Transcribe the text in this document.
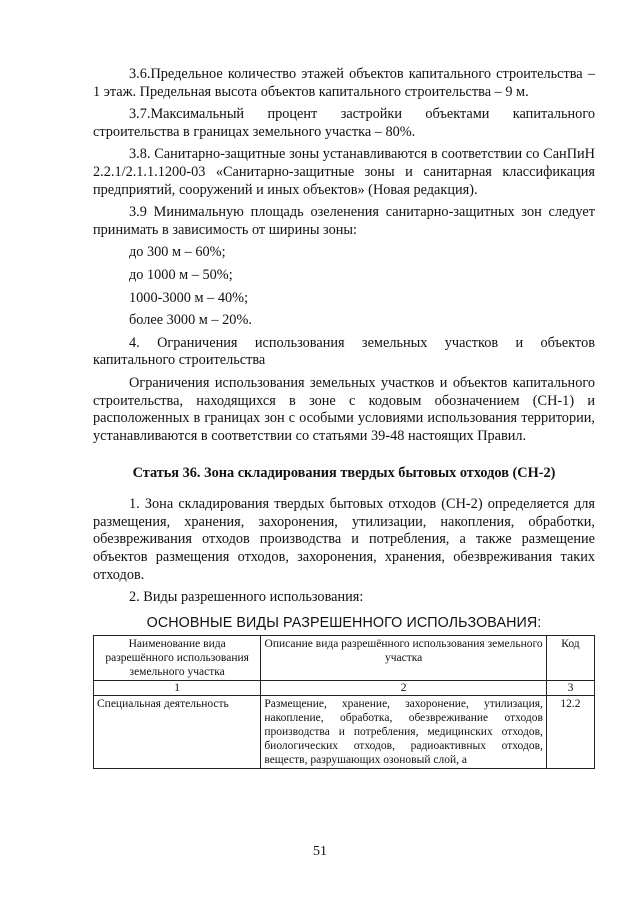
3.6.Предельное количество этажей объектов капитального строительства – 1 этаж. Предельная высота объектов капитального строительства – 9 м.

3.7.Максимальный процент застройки объектами капитального строительства в границах земельного участка – 80%.

3.8. Санитарно-защитные зоны устанавливаются в соответствии со СанПиН 2.2.1/2.1.1.1200-03 «Санитарно-защитные зоны и санитарная классификация предприятий, сооружений и иных объектов» (Новая редакция).

3.9 Минимальную площадь озеленения санитарно-защитных зон следует принимать в зависимость от ширины зоны:

до 300 м – 60%;

до 1000 м – 50%;

1000-3000 м – 40%;

более 3000 м – 20%.

4. Ограничения использования земельных участков и объектов капитального строительства

Ограничения использования земельных участков и объектов капитального строительства, находящихся в зоне с кодовым обозначением (СН-1) и расположенных в границах зон с особыми условиями использования территории, устанавливаются в соответствии со статьями 39-48 настоящих Правил.

Статья 36. Зона складирования твердых бытовых отходов (СН-2)

1. Зона складирования твердых бытовых отходов (СН-2) определяется для размещения, хранения, захоронения, утилизации, накопления, обработки, обезвреживания отходов производства и потребления, а также размещение объектов размещения отходов, захоронения, хранения, обезвреживания таких отходов.

2. Виды разрешенного использования:

ОСНОВНЫЕ ВИДЫ РАЗРЕШЕННОГО ИСПОЛЬЗОВАНИЯ:
Наименование вида разрешённого использования земельного участка	Описание вида разрешённого использования земельного участка	Код
1	2	3
Специальная деятельность	Размещение, хранение, захоронение, утилизация, накопление, обработка, обезвреживание отходов производства и потребления, медицинских отходов, биологических отходов, радиоактивных отходов, веществ, разрушающих озоновый слой, а	12.2
51
